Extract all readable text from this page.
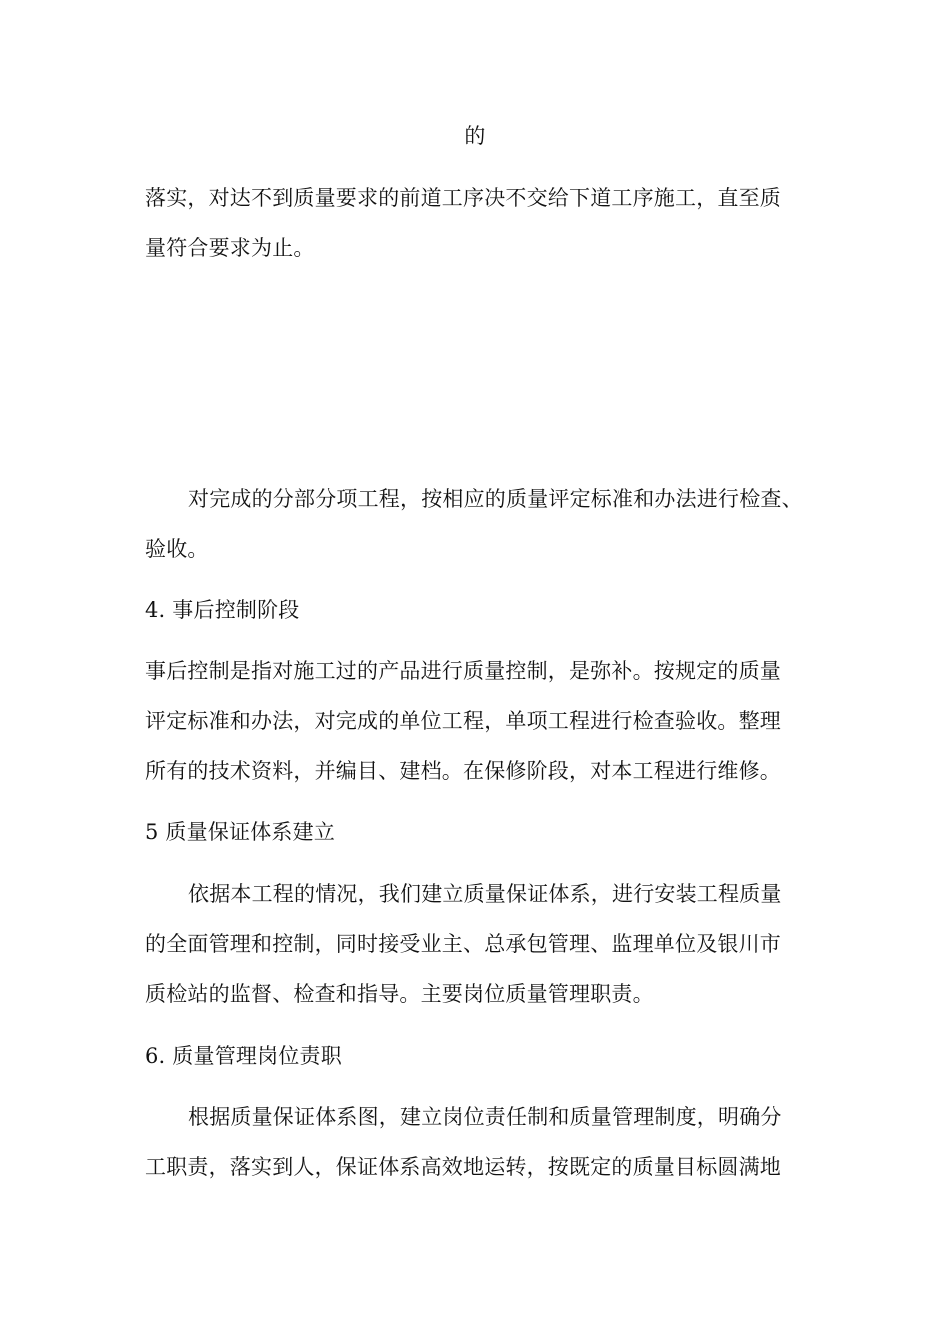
的
落实，对达不到质量要求的前道工序决不交给下道工序施工，直至质
量符合要求为止。
对完成的分部分项工程，按相应的质量评定标准和办法进行检查、
验收。
4. 事后控制阶段
事后控制是指对施工过的产品进行质量控制，是弥补。按规定的质量
评定标准和办法，对完成的单位工程，单项工程进行检查验收。整理
所有的技术资料，并编目、建档。在保修阶段，对本工程进行维修。
5 质量保证体系建立
依据本工程的情况，我们建立质量保证体系，进行安装工程质量
的全面管理和控制，同时接受业主、总承包管理、监理单位及银川市
质检站的监督、检查和指导。主要岗位质量管理职责。
6. 质量管理岗位责职
根据质量保证体系图，建立岗位责任制和质量管理制度，明确分
工职责，落实到人，保证体系高效地运转，按既定的质量目标圆满地
